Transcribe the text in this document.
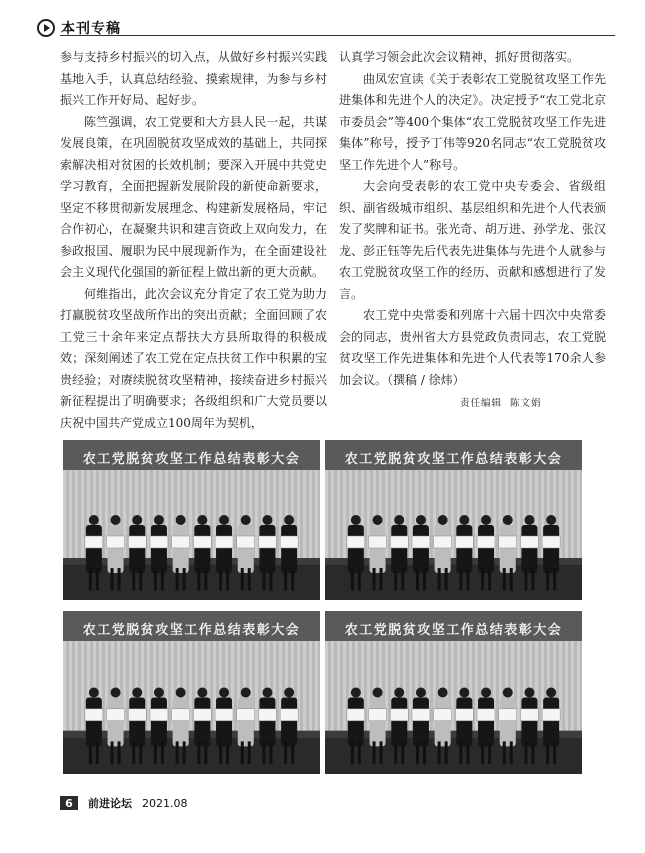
本刊专稿

参与支持乡村振兴的切入点，从做好乡村振兴实践基地入手，认真总结经验、摸索规律，为参与乡村振兴工作开好局、起好步。

陈竺强调，农工党要和大方县人民一起，共谋发展良策，在巩固脱贫攻坚成效的基础上，共同探索解决相对贫困的长效机制；要深入开展中共党史学习教育，全面把握新发展阶段的新使命新要求，坚定不移贯彻新发展理念、构建新发展格局，牢记合作初心，在凝聚共识和建言资政上双向发力，在参政报国、履职为民中展现新作为，在全面建设社会主义现代化强国的新征程上做出新的更大贡献。

何维指出，此次会议充分肯定了农工党为助力打赢脱贫攻坚战所作出的突出贡献；全面回顾了农工党三十余年来定点帮扶大方县所取得的积极成效；深刻阐述了农工党在定点扶贫工作中积累的宝贵经验；对赓续脱贫攻坚精神，接续奋进乡村振兴新征程提出了明确要求；各级组织和广大党员要以庆祝中国共产党成立100周年为契机，

认真学习领会此次会议精神，抓好贯彻落实。

曲凤宏宣读《关于表彰农工党脱贫攻坚工作先进集体和先进个人的决定》。决定授予“农工党北京市委员会”等400个集体“农工党脱贫攻坚工作先进集体”称号，授予丁伟等920名同志“农工党脱贫攻坚工作先进个人”称号。

大会向受表彰的农工党中央专委会、省级组织、副省级城市组织、基层组织和先进个人代表颁发了奖牌和证书。张光奇、胡万进、孙学龙、张汉龙、彭正钰等先后代表先进集体与先进个人就参与农工党脱贫攻坚工作的经历、贡献和感想进行了发言。

农工党中央常委和列席十六届十四次中央常委会的同志，贵州省大方县党政负责同志，农工党脱贫攻坚工作先进集体和先进个人代表等170余人参加会议。（撰稿 / 徐炜）

责任编辑 陈文娟
农工党脱贫攻坚工作总结表彰大会	农工党脱贫攻坚工作总结表彰大会
农工党脱贫攻坚工作总结表彰大会	农工党脱贫攻坚工作总结表彰大会
6	前进论坛 2021.08
